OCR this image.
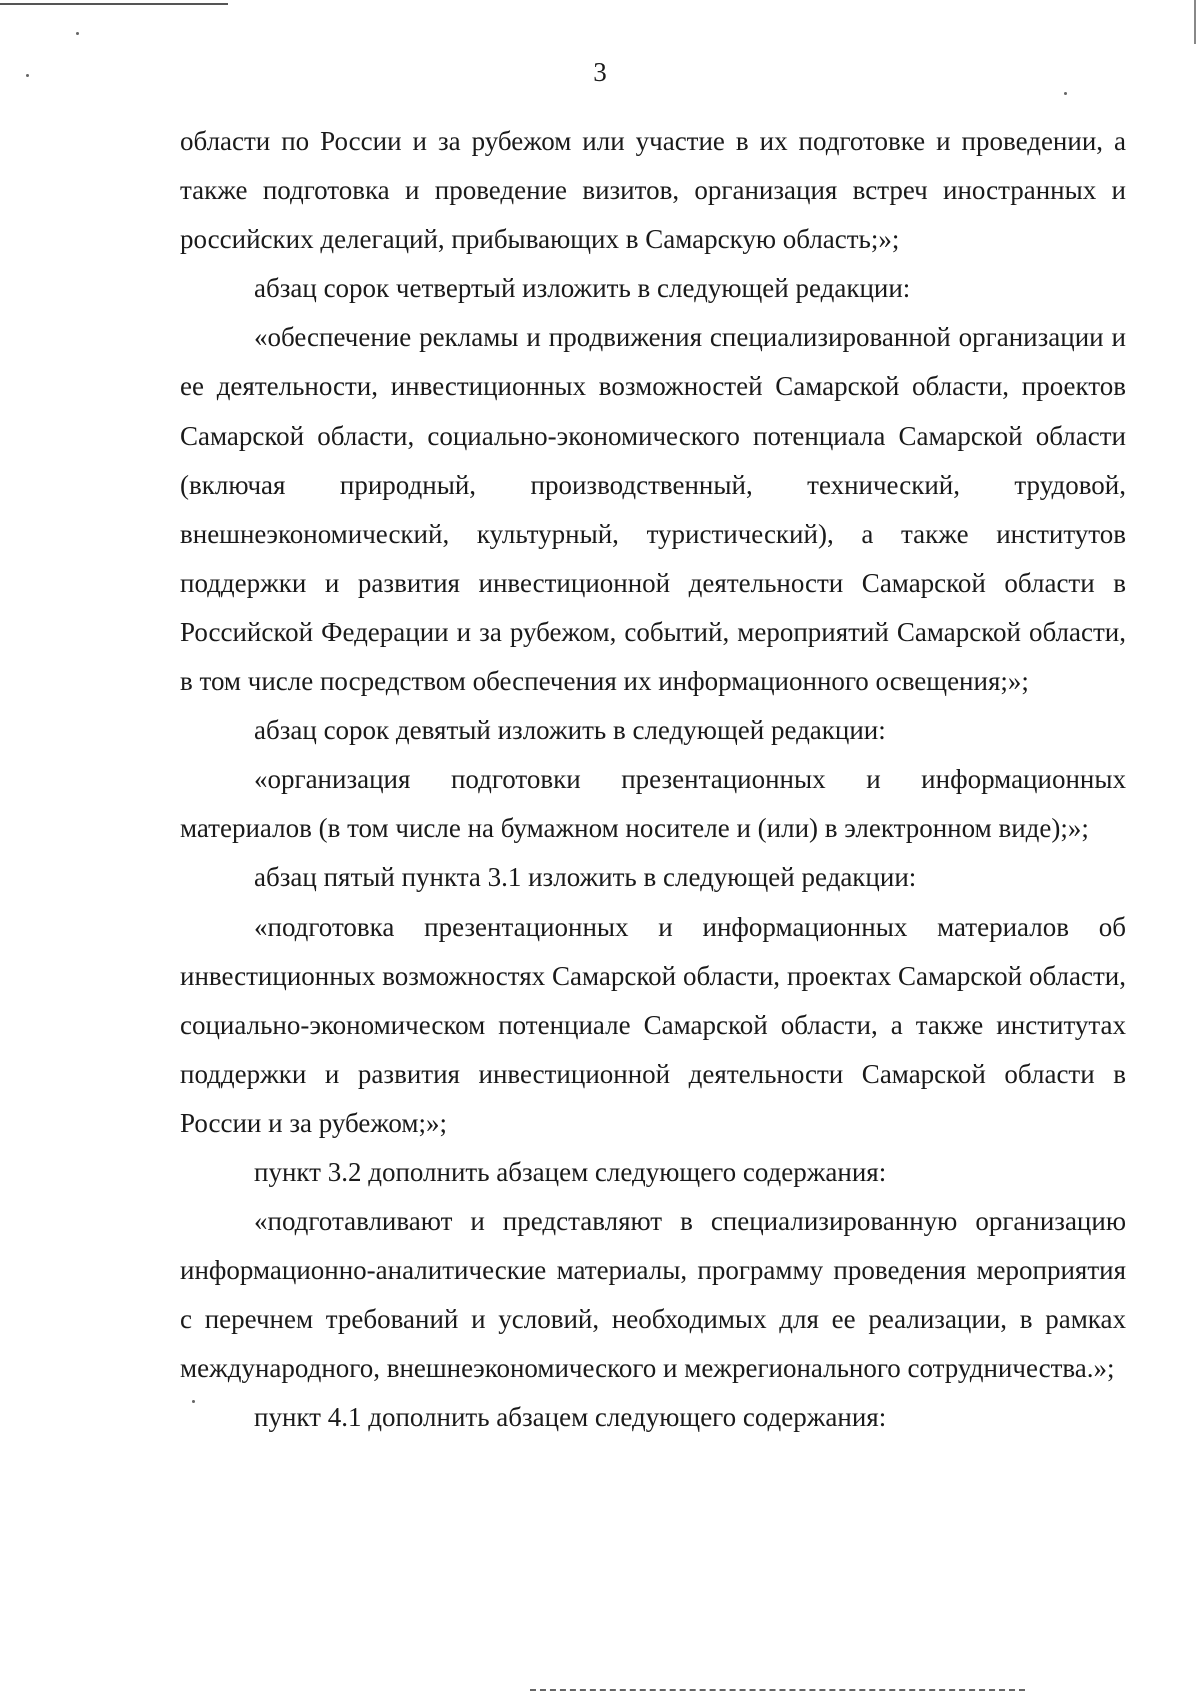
3

области по России и за рубежом или участие в их подготовке и проведении, а также подготовка и проведение визитов, организация встреч иностранных и российских делегаций, прибывающих в Самарскую область;»;

абзац сорок четвертый изложить в следующей редакции:

«обеспечение рекламы и продвижения специализированной организации и ее деятельности, инвестиционных возможностей Самарской области, проектов Самарской области, социально-экономического потенциала Самарской области (включая природный, производственный, технический, трудовой, внешнеэкономический, культурный, туристический), а также институтов поддержки и развития инвестиционной деятельности Самарской области в Российской Федерации и за рубежом, событий, мероприятий Самарской области, в том числе посредством обеспечения их информационного освещения;»;

абзац сорок девятый изложить в следующей редакции:

«организация подготовки презентационных и информационных материалов (в том числе на бумажном носителе и (или) в электронном виде);»;

абзац пятый пункта 3.1 изложить в следующей редакции:

«подготовка презентационных и информационных материалов об инвестиционных возможностях Самарской области, проектах Самарской области, социально-экономическом потенциале Самарской области, а также институтах поддержки и развития инвестиционной деятельности Самарской области в России и за рубежом;»;

пункт 3.2 дополнить абзацем следующего содержания:

«подготавливают и представляют в специализированную организацию информационно-аналитические материалы, программу проведения мероприятия с перечнем требований и условий, необходимых для ее реализации, в рамках международного, внешнеэкономического и межрегионального сотрудничества.»;

пункт 4.1 дополнить абзацем следующего содержания:
